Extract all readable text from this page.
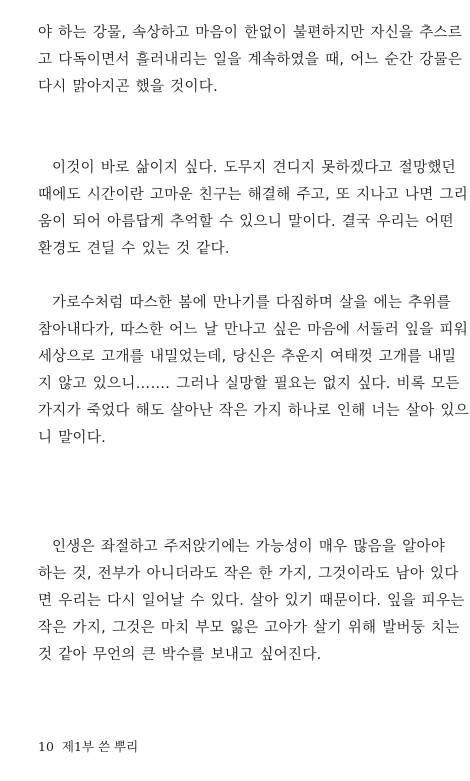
야 하는 강물, 속상하고 마음이 한없이 불편하지만 자신을 추스르
고 다독이면서 흘러내리는 일을 계속하였을 때, 어느 순간 강물은
다시 맑아지곤 했을 것이다.
이것이 바로 삶이지 싶다. 도무지 견디지 못하겠다고 절망했던
때에도 시간이란 고마운 친구는 해결해 주고, 또 지나고 나면 그리
움이 되어 아름답게 추억할 수 있으니 말이다. 결국 우리는 어떤
환경도 견딜 수 있는 것 같다.
가로수처럼 따스한 봄에 만나기를 다짐하며 살을 에는 추위를
참아내다가, 따스한 어느 날 만나고 싶은 마음에 서둘러 잎을 피워
세상으로 고개를 내밀었는데, 당신은 추운지 여태껏 고개를 내밀
지 않고 있으니……. 그러나 실망할 필요는 없지 싶다. 비록 모든
가지가 죽었다 해도 살아난 작은 가지 하나로 인해 너는 살아 있으
니 말이다.
인생은 좌절하고 주저앉기에는 가능성이 매우 많음을 알아야
하는 것, 전부가 아니더라도 작은 한 가지, 그것이라도 남아 있다
면 우리는 다시 일어날 수 있다. 살아 있기 때문이다. 잎을 피우는
작은 가지, 그것은 마치 부모 잃은 고아가 살기 위해 발버둥 치는
것 같아 무언의 큰 박수를 보내고 싶어진다.
10 제1부 쓴 뿌리
